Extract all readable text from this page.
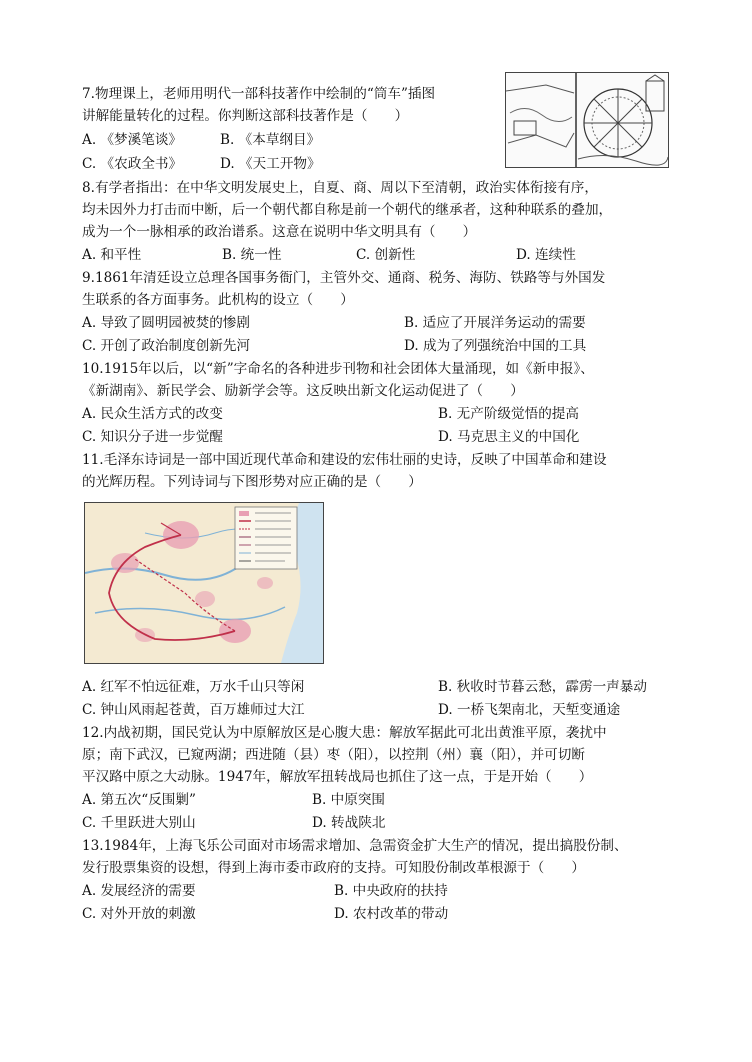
7.物理课上，老师用明代一部科技著作中绘制的“筒车”插图
讲解能量转化的过程。你判断这部科技著作是（　　）
A. 《梦溪笔谈》	B. 《本草纲目》
C. 《农政全书》	D. 《天工开物》
8.有学者指出：在中华文明发展史上，自夏、商、周以下至清朝，政治实体衔接有序，
均未因外力打击而中断，后一个朝代都自称是前一个朝代的继承者，这种种联系的叠加，
成为一个一脉相承的政治谱系。这意在说明中华文明具有（　　）
A. 和平性	B. 统一性	C. 创新性	D. 连续性
9.1861年清廷设立总理各国事务衙门，主管外交、通商、税务、海防、铁路等与外国发
生联系的各方面事务。此机构的设立（　　）
A. 导致了圆明园被焚的惨剧	B. 适应了开展洋务运动的需要
C. 开创了政治制度创新先河	D. 成为了列强统治中国的工具
10.1915年以后，以“新”字命名的各种进步刊物和社会团体大量涌现，如《新申报》、
《新湖南》、新民学会、励新学会等。这反映出新文化运动促进了（　　）
A. 民众生活方式的改变	B. 无产阶级觉悟的提高
C. 知识分子进一步觉醒	D. 马克思主义的中国化
11.毛泽东诗词是一部中国近现代革命和建设的宏伟壮丽的史诗，反映了中国革命和建设
的光辉历程。下列诗词与下图形势对应正确的是（　　）
A. 红军不怕远征难，万水千山只等闲	B. 秋收时节暮云愁，霹雳一声暴动
C. 钟山风雨起苍黄，百万雄师过大江	D. 一桥飞架南北，天堑变通途
12.内战初期，国民党认为中原解放区是心腹大患：解放军据此可北出黄淮平原，袭扰中
原；南下武汉，已窥两湖；西进随（县）枣（阳），以控荆（州）襄（阳），并可切断
平汉路中原之大动脉。1947年，解放军扭转战局也抓住了这一点，于是开始（　　）
A. 第五次“反围剿”	B. 中原突围
C. 千里跃进大别山	D. 转战陕北
13.1984年，上海飞乐公司面对市场需求增加、急需资金扩大生产的情况，提出搞股份制、
发行股票集资的设想，得到上海市委市政府的支持。可知股份制改革根源于（　　）
A. 发展经济的需要	B. 中央政府的扶持
C. 对外开放的刺激	D. 农村改革的带动
